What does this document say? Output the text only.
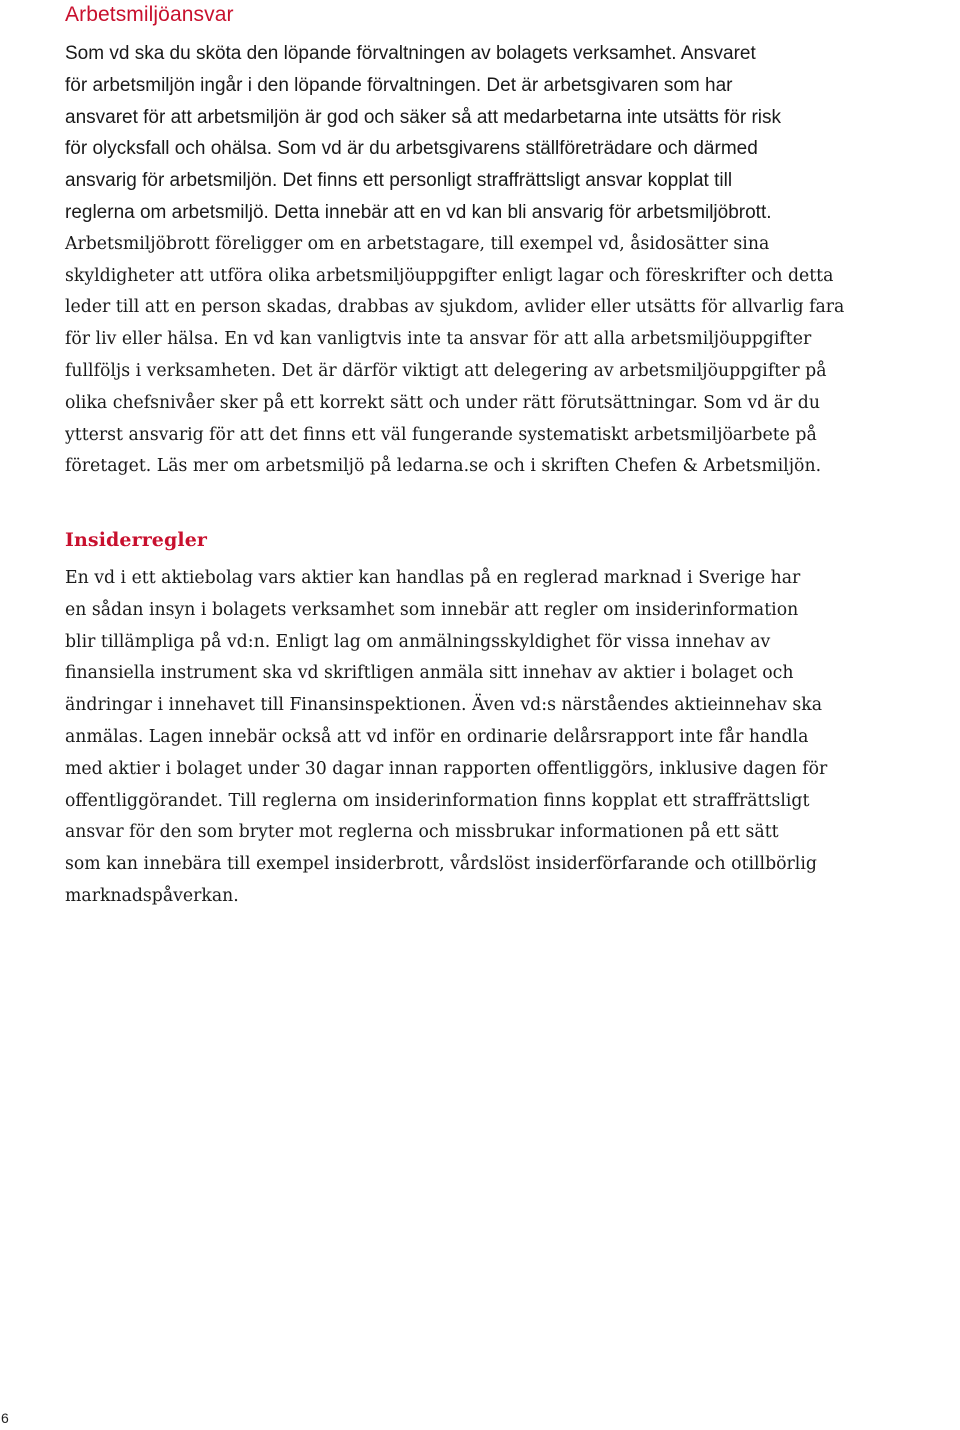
Arbetsmiljöansvar

Som vd ska du sköta den löpande förvaltningen av bolagets verksamhet. Ansvaret
för arbetsmiljön ingår i den löpande förvaltningen. Det är arbetsgivaren som har
ansvaret för att arbetsmiljön är god och säker så att medarbetarna inte utsätts för risk
för olycksfall och ohälsa. Som vd är du arbetsgivarens ställföreträdare och därmed
ansvarig för arbetsmiljön. Det finns ett personligt straffrättsligt ansvar kopplat till
reglerna om arbetsmiljö. Detta innebär att en vd kan bli ansvarig för arbetsmiljöbrott.
Arbetsmiljöbrott föreligger om en arbetstagare, till exempel vd, åsidosätter sina
skyldigheter att utföra olika arbetsmiljöuppgifter enligt lagar och föreskrifter och detta
leder till att en person skadas, drabbas av sjukdom, avlider eller utsätts för allvarlig fara
för liv eller hälsa. En vd kan vanligtvis inte ta ansvar för att alla arbetsmiljöuppgifter
fullföljs i verksamheten. Det är därför viktigt att delegering av arbetsmiljöuppgifter på
olika chefsnivåer sker på ett korrekt sätt och under rätt förutsättningar. Som vd är du
ytterst ansvarig för att det finns ett väl fungerande systematiskt arbetsmiljöarbete på
företaget. Läs mer om arbetsmiljö på ledarna.se och i skriften Chefen & Arbetsmiljön.

Insiderregler

En vd i ett aktiebolag vars aktier kan handlas på en reglerad marknad i Sverige har
en sådan insyn i bolagets verksamhet som innebär att regler om insiderinformation
blir tillämpliga på vd:n. Enligt lag om anmälningsskyldighet för vissa innehav av
finansiella instrument ska vd skriftligen anmäla sitt innehav av aktier i bolaget och
ändringar i innehavet till Finansinspektionen. Även vd:s närståendes aktieinnehav ska
anmälas. Lagen innebär också att vd inför en ordinarie delårsrapport inte får handla
med aktier i bolaget under 30 dagar innan rapporten offentliggörs, inklusive dagen för
offentliggörandet. Till reglerna om insiderinformation finns kopplat ett straffrättsligt
ansvar för den som bryter mot reglerna och missbrukar informationen på ett sätt
som kan innebära till exempel insiderbrott, vårdslöst insiderförfarande och otillbörlig
marknadspåverkan.

6
